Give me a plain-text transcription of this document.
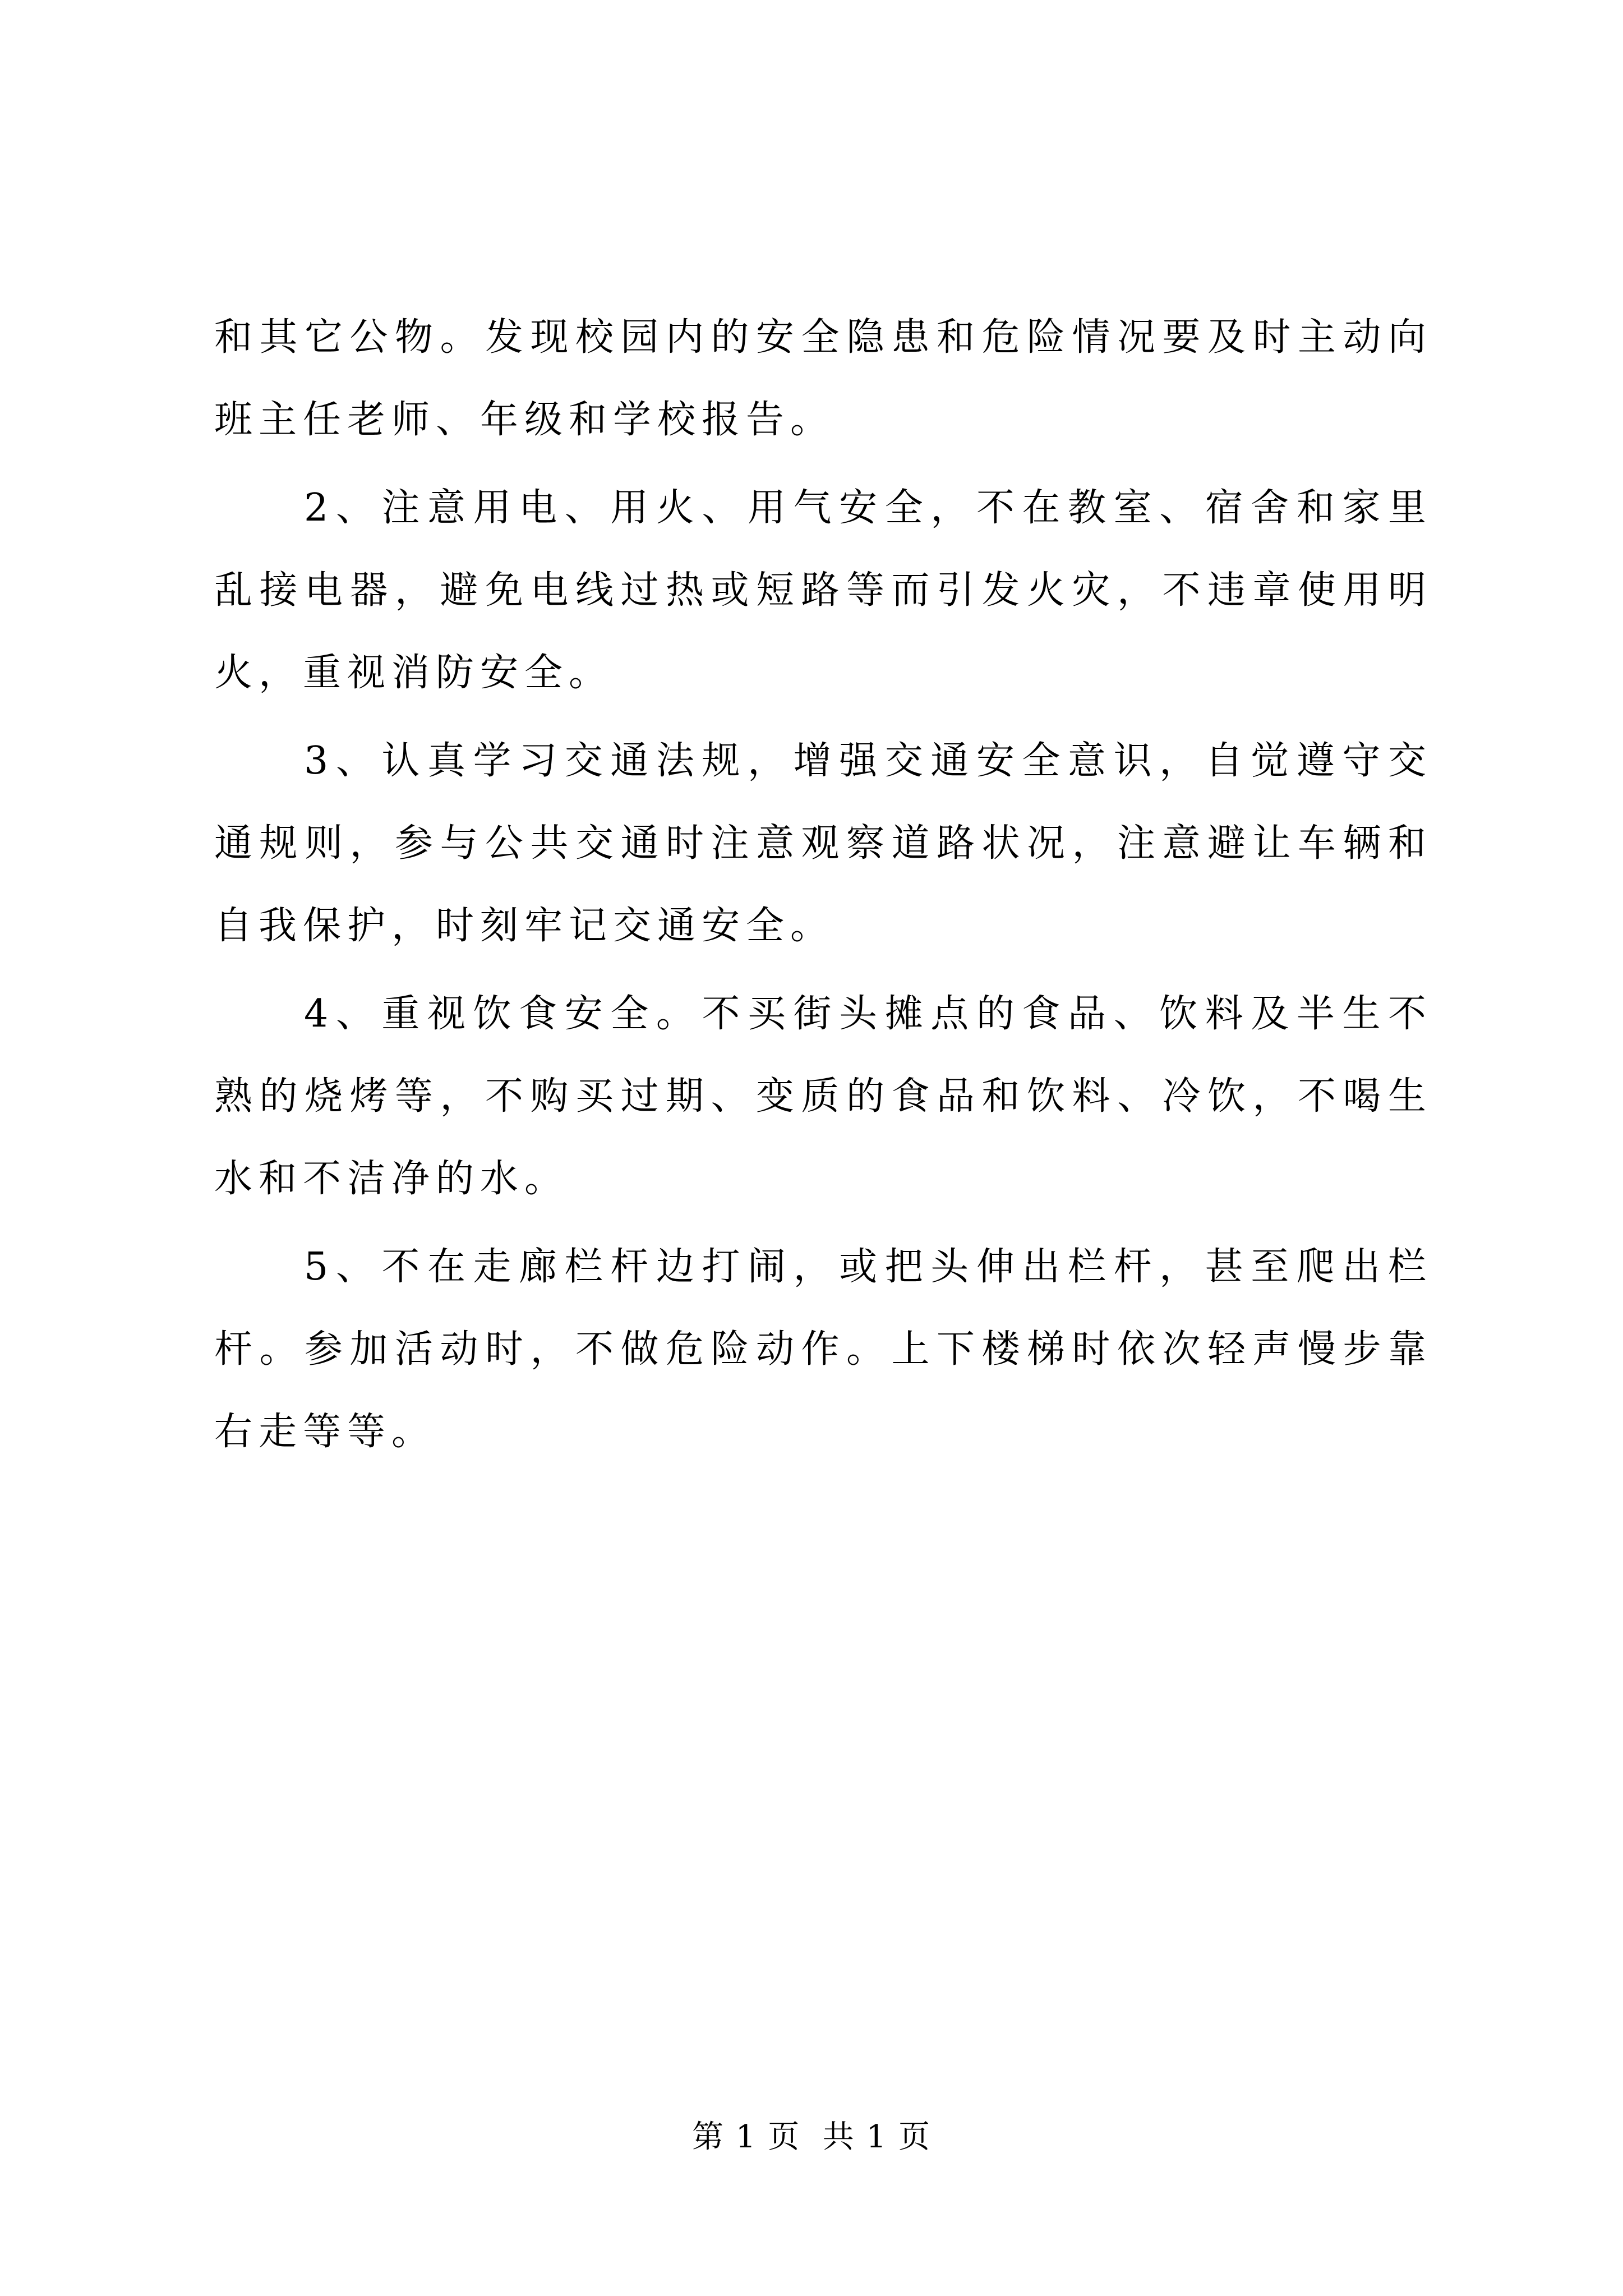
和其它公物。发现校园内的安全隐患和危险情况要及时主动向班主任老师、年级和学校报告。

2、注意用电、用火、用气安全，不在教室、宿舍和家里乱接电器，避免电线过热或短路等而引发火灾，不违章使用明火，重视消防安全。

3、认真学习交通法规，增强交通安全意识，自觉遵守交通规则，参与公共交通时注意观察道路状况，注意避让车辆和自我保护，时刻牢记交通安全。

4、重视饮食安全。不买街头摊点的食品、饮料及半生不熟的烧烤等，不购买过期、变质的食品和饮料、冷饮，不喝生水和不洁净的水。

5、不在走廊栏杆边打闹，或把头伸出栏杆，甚至爬出栏杆。参加活动时，不做危险动作。上下楼梯时依次轻声慢步靠右走等等。

第 1 页  共 1 页
